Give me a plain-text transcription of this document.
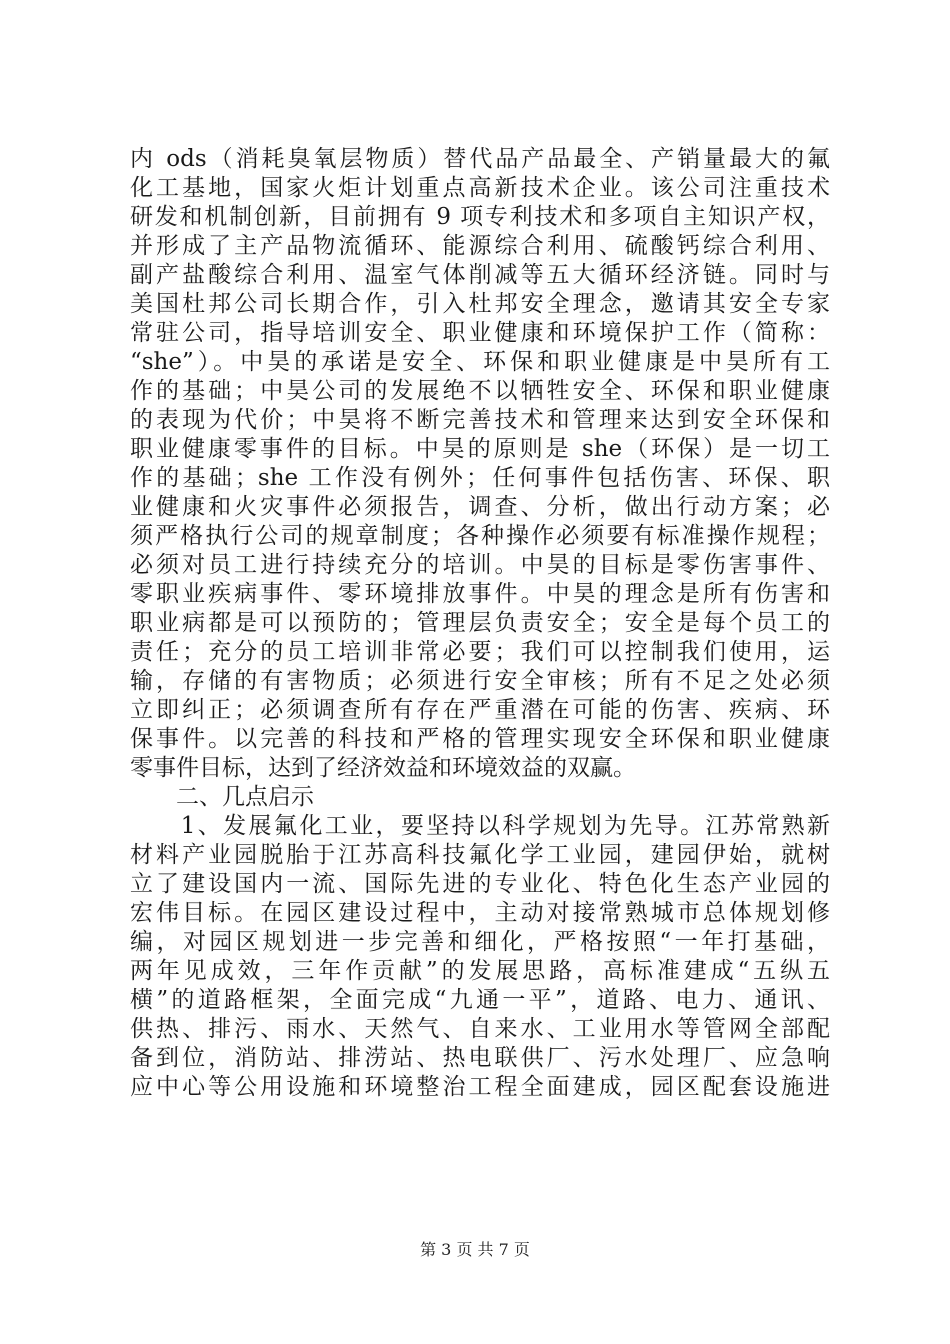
内 ods（消耗臭氧层物质）替代品产品最全、产销量最大的氟
化工基地，国家火炬计划重点高新技术企业。该公司注重技术
研发和机制创新，目前拥有 9 项专利技术和多项自主知识产权，
并形成了主产品物流循环、能源综合利用、硫酸钙综合利用、
副产盐酸综合利用、温室气体削减等五大循环经济链。同时与
美国杜邦公司长期合作，引入杜邦安全理念，邀请其安全专家
常驻公司，指导培训安全、职业健康和环境保护工作（简称：
“she”）。中昊的承诺是安全、环保和职业健康是中昊所有工
作的基础；中昊公司的发展绝不以牺牲安全、环保和职业健康
的表现为代价；中昊将不断完善技术和管理来达到安全环保和
职业健康零事件的目标。中昊的原则是 she（环保）是一切工
作的基础；she 工作没有例外；任何事件包括伤害、环保、职
业健康和火灾事件必须报告，调查、分析，做出行动方案；必
须严格执行公司的规章制度；各种操作必须要有标准操作规程；
必须对员工进行持续充分的培训。中昊的目标是零伤害事件、
零职业疾病事件、零环境排放事件。中昊的理念是所有伤害和
职业病都是可以预防的；管理层负责安全；安全是每个员工的
责任；充分的员工培训非常必要；我们可以控制我们使用，运
输，存储的有害物质；必须进行安全审核；所有不足之处必须
立即纠正；必须调查所有存在严重潜在可能的伤害、疾病、环
保事件。以完善的科技和严格的管理实现安全环保和职业健康
零事件目标，达到了经济效益和环境效益的双赢。
　　二、几点启示
　　1、发展氟化工业，要坚持以科学规划为先导。江苏常熟新
材料产业园脱胎于江苏高科技氟化学工业园，建园伊始，就树
立了建设国内一流、国际先进的专业化、特色化生态产业园的
宏伟目标。在园区建设过程中，主动对接常熟城市总体规划修
编，对园区规划进一步完善和细化，严格按照“一年打基础，
两年见成效，三年作贡献”的发展思路，高标准建成“五纵五
横”的道路框架，全面完成“九通一平”，道路、电力、通讯、
供热、排污、雨水、天然气、自来水、工业用水等管网全部配
备到位，消防站、排涝站、热电联供厂、污水处理厂、应急响
应中心等公用设施和环境整治工程全面建成，园区配套设施进
第 3 页 共 7 页
